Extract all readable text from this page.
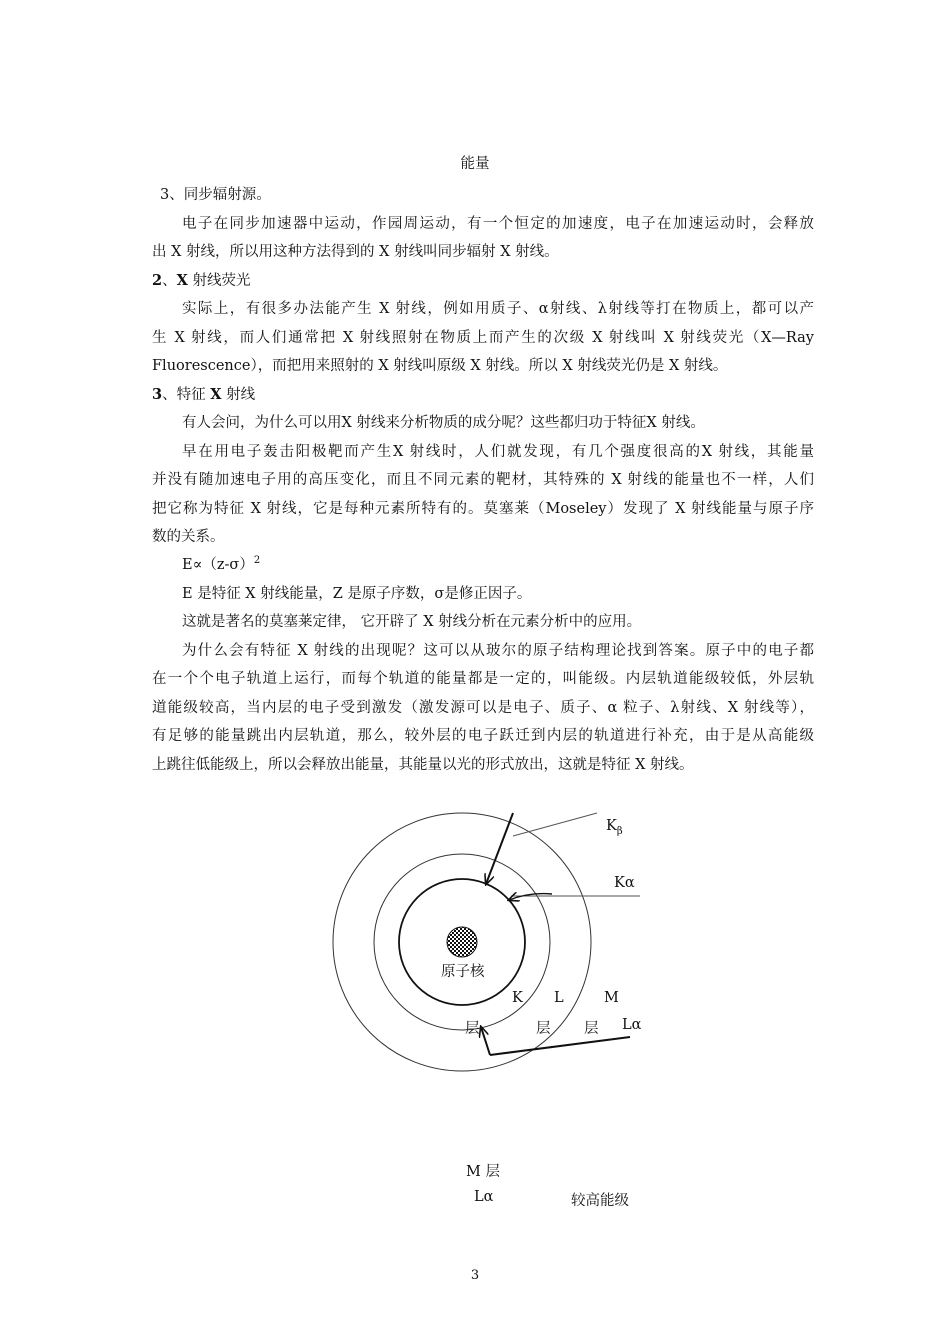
能量
3、同步辐射源。
电子在同步加速器中运动，作园周运动，有一个恒定的加速度，电子在加速运动时，会释放
出 X 射线，所以用这种方法得到的 X 射线叫同步辐射 X 射线。
2、X 射线荧光
实际上，有很多办法能产生 X 射线，例如用质子、α射线、λ射线等打在物质上，都可以产
生 X 射线，而人们通常把 X 射线照射在物质上而产生的次级 X 射线叫 X 射线荧光（X—Ray
Fluorescence），而把用来照射的 X 射线叫原级 X 射线。所以 X 射线荧光仍是 X 射线。
3、特征 X 射线
有人会问，为什么可以用X 射线来分析物质的成分呢？这些都归功于特征X 射线。
早在用电子轰击阳极靶而产生X 射线时，人们就发现，有几个强度很高的X 射线，其能量
并没有随加速电子用的高压变化，而且不同元素的靶材，其特殊的 X 射线的能量也不一样，人们
把它称为特征 X 射线，它是每种元素所特有的。莫塞莱（Moseley）发现了 X 射线能量与原子序
数的关系。
$E\propto(z-\sigma)^2$
E 是特征 X 射线能量，Z 是原子序数，σ是修正因子。
这就是著名的莫塞莱定律， 它开辟了 X 射线分析在元素分析中的应用。
为什么会有特征 X 射线的出现呢？这可以从玻尔的原子结构理论找到答案。原子中的电子都
在一个个电子轨道上运行，而每个轨道的能量都是一定的，叫能级。内层轨道能级较低，外层轨
道能级较高，当内层的电子受到激发（激发源可以是电子、质子、α 粒子、λ射线、X 射线等），
有足够的能量跳出内层轨道，那么，较外层的电子跃迁到内层的轨道进行补充，由于是从高能级
上跳往低能级上，所以会释放出能量，其能量以光的形式放出，这就是特征 X 射线。
$K_\beta$
Kα
原子核
K L	M
层	层 层 Lα
M 层
Lα	较高能级
3
